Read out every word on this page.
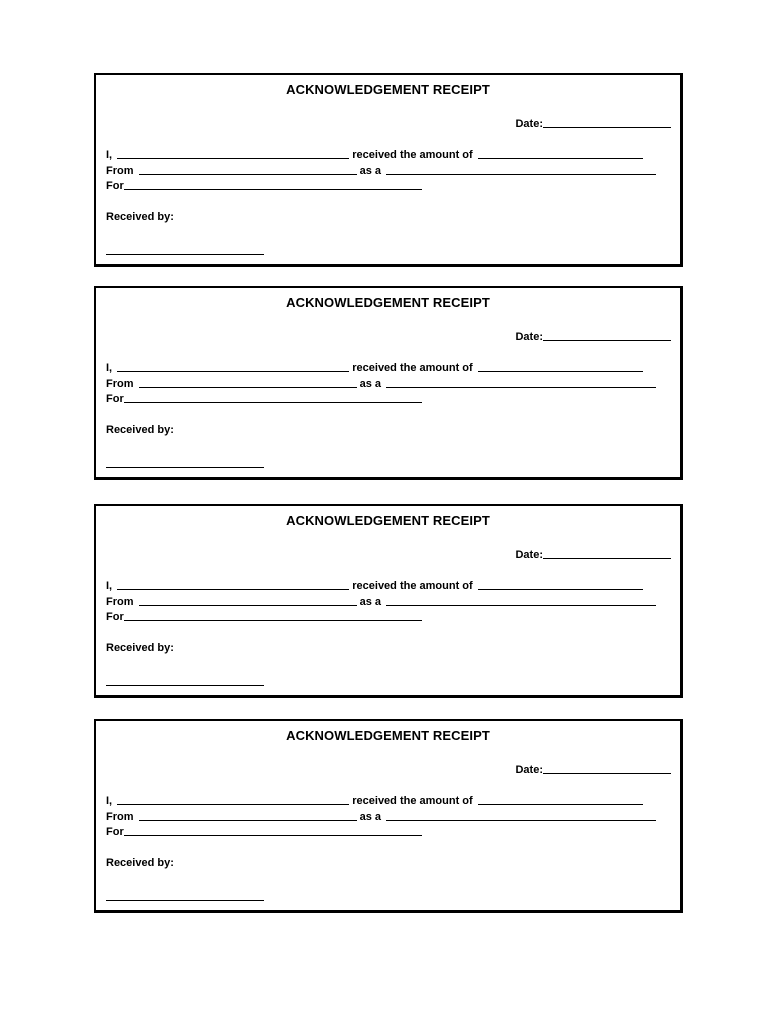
ACKNOWLEDGEMENT RECEIPT
Date:
I,	received the amount of
From	as a
For
Received by:
ACKNOWLEDGEMENT RECEIPT
Date:
I,	received the amount of
From	as a
For
Received by:
ACKNOWLEDGEMENT RECEIPT
Date:
I,	received the amount of
From	as a
For
Received by:
ACKNOWLEDGEMENT RECEIPT
Date:
I,	received the amount of
From	as a
For
Received by:
